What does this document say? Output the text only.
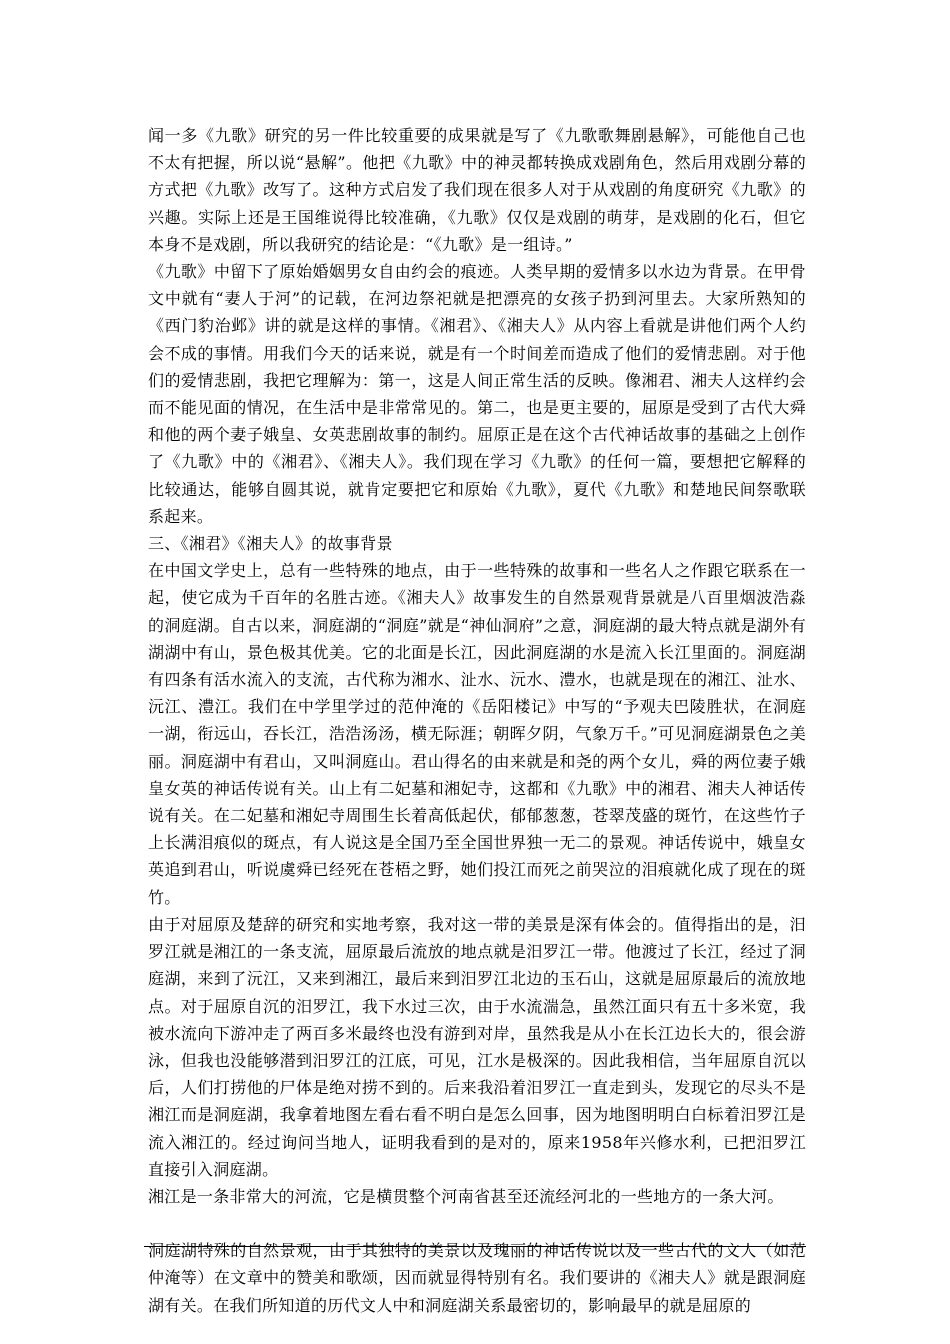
闻一多《九歌》研究的另一件比较重要的成果就是写了《九歌歌舞剧悬解》，可能他自己也不太有把握，所以说“悬解”。他把《九歌》中的神灵都转换成戏剧角色，然后用戏剧分幕的方式把《九歌》改写了。这种方式启发了我们现在很多人对于从戏剧的角度研究《九歌》的兴趣。实际上还是王国维说得比较准确，《九歌》仅仅是戏剧的萌芽，是戏剧的化石，但它本身不是戏剧，所以我研究的结论是：“《九歌》是一组诗。”

《九歌》中留下了原始婚姻男女自由约会的痕迹。人类早期的爱情多以水边为背景。在甲骨文中就有“妻人于河”的记载，在河边祭祀就是把漂亮的女孩子扔到河里去。大家所熟知的《西门豹治邺》讲的就是这样的事情。《湘君》、《湘夫人》从内容上看就是讲他们两个人约会不成的事情。用我们今天的话来说，就是有一个时间差而造成了他们的爱情悲剧。对于他们的爱情悲剧，我把它理解为：第一，这是人间正常生活的反映。像湘君、湘夫人这样约会而不能见面的情况，在生活中是非常常见的。第二，也是更主要的，屈原是受到了古代大舜和他的两个妻子娥皇、女英悲剧故事的制约。屈原正是在这个古代神话故事的基础之上创作了《九歌》中的《湘君》、《湘夫人》。我们现在学习《九歌》的任何一篇，要想把它解释的比较通达，能够自圆其说，就肯定要把它和原始《九歌》，夏代《九歌》和楚地民间祭歌联系起来。

三、《湘君》《湘夫人》的故事背景

在中国文学史上，总有一些特殊的地点，由于一些特殊的故事和一些名人之作跟它联系在一起，使它成为千百年的名胜古迹。《湘夫人》故事发生的自然景观背景就是八百里烟波浩淼的洞庭湖。自古以来，洞庭湖的“洞庭”就是“神仙洞府”之意，洞庭湖的最大特点就是湖外有湖湖中有山，景色极其优美。它的北面是长江，因此洞庭湖的水是流入长江里面的。洞庭湖有四条有活水流入的支流，古代称为湘水、沚水、沅水、澧水，也就是现在的湘江、沚水、沅江、澧江。我们在中学里学过的范仲淹的《岳阳楼记》中写的“予观夫巴陵胜状，在洞庭一湖，衔远山，吞长江，浩浩汤汤，横无际涯；朝晖夕阴，气象万千。”可见洞庭湖景色之美丽。洞庭湖中有君山，又叫洞庭山。君山得名的由来就是和尧的两个女儿，舜的两位妻子娥皇女英的神话传说有关。山上有二妃墓和湘妃寺，这都和《九歌》中的湘君、湘夫人神话传说有关。在二妃墓和湘妃寺周围生长着高低起伏，郁郁葱葱，苍翠茂盛的斑竹，在这些竹子上长满泪痕似的斑点，有人说这是全国乃至全国世界独一无二的景观。神话传说中，娥皇女英追到君山，听说虞舜已经死在苍梧之野，她们投江而死之前哭泣的泪痕就化成了现在的斑竹。

由于对屈原及楚辞的研究和实地考察，我对这一带的美景是深有体会的。值得指出的是，汨罗江就是湘江的一条支流，屈原最后流放的地点就是汨罗江一带。他渡过了长江，经过了洞庭湖，来到了沅江，又来到湘江，最后来到汨罗江北边的玉石山，这就是屈原最后的流放地点。对于屈原自沉的汨罗江，我下水过三次，由于水流湍急，虽然江面只有五十多米宽，我被水流向下游冲走了两百多米最终也没有游到对岸，虽然我是从小在长江边长大的，很会游泳，但我也没能够潜到汨罗江的江底，可见，江水是极深的。因此我相信，当年屈原自沉以后，人们打捞他的尸体是绝对捞不到的。后来我沿着汨罗江一直走到头，发现它的尽头不是湘江而是洞庭湖，我拿着地图左看右看不明白是怎么回事，因为地图明明白白标着汨罗江是流入湘江的。经过询问当地人，证明我看到的是对的，原来1958年兴修水利，已把汨罗江直接引入洞庭湖。

湘江是一条非常大的河流，它是横贯整个河南省甚至还流经河北的一些地方的一条大河。

洞庭湖特殊的自然景观，由于其独特的美景以及瑰丽的神话传说以及一些古代的文人（如范仲淹等）在文章中的赞美和歌颂，因而就显得特别有名。我们要讲的《湘夫人》就是跟洞庭湖有关。在我们所知道的历代文人中和洞庭湖关系最密切的，影响最早的就是屈原的
